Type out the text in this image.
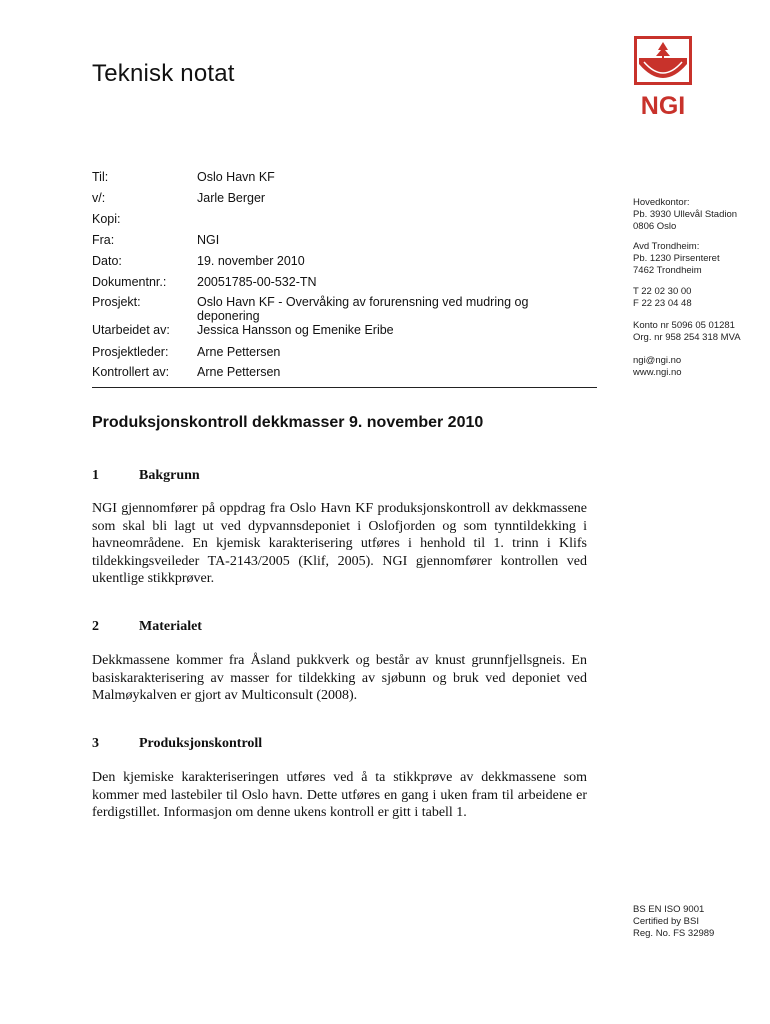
Teknisk notat
NGI
Til:	Oslo Havn KF
v/:	Jarle Berger
Kopi:
Fra:	NGI
Dato:	19. november 2010
Dokumentnr.:	20051785-00-532-TN
Prosjekt:	Oslo Havn KF - Overvåking av forurensning ved mudring og deponering
Utarbeidet av:	Jessica Hansson og Emenike Eribe
Prosjektleder:	Arne Pettersen
Kontrollert av:	Arne Pettersen
Hovedkontor:
Pb. 3930 Ullevål Stadion
0806 Oslo
Avd Trondheim:
Pb. 1230 Pirsenteret
7462 Trondheim
T 22 02 30 00
F 22 23 04 48
Konto nr 5096 05 01281
Org. nr 958 254 318 MVA
ngi@ngi.no
www.ngi.no
Produksjonskontroll dekkmasser 9. november 2010
1	Bakgrunn
NGI gjennomfører på oppdrag fra Oslo Havn KF produksjonskontroll av dekkmassene som skal bli lagt ut ved dypvannsdeponiet i Oslofjorden og som tynntildekking i havneområdene. En kjemisk karakterisering utføres i henhold til 1. trinn i Klifs tildekkingsveileder TA-2143/2005 (Klif, 2005). NGI gjennomfører kontrollen ved ukentlige stikkprøver.
2	Materialet
Dekkmassene kommer fra Åsland pukkverk og består av knust grunnfjellsgneis. En basiskarakterisering av masser for tildekking av sjøbunn og bruk ved deponiet ved Malmøykalven er gjort av Multiconsult (2008).
3	Produksjonskontroll
Den kjemiske karakteriseringen utføres ved å ta stikkprøve av dekkmassene som kommer med lastebiler til Oslo havn. Dette utføres en gang i uken fram til arbeidene er ferdigstillet. Informasjon om denne ukens kontroll er gitt i tabell 1.
BS EN ISO 9001
Certified by BSI
Reg. No. FS 32989
